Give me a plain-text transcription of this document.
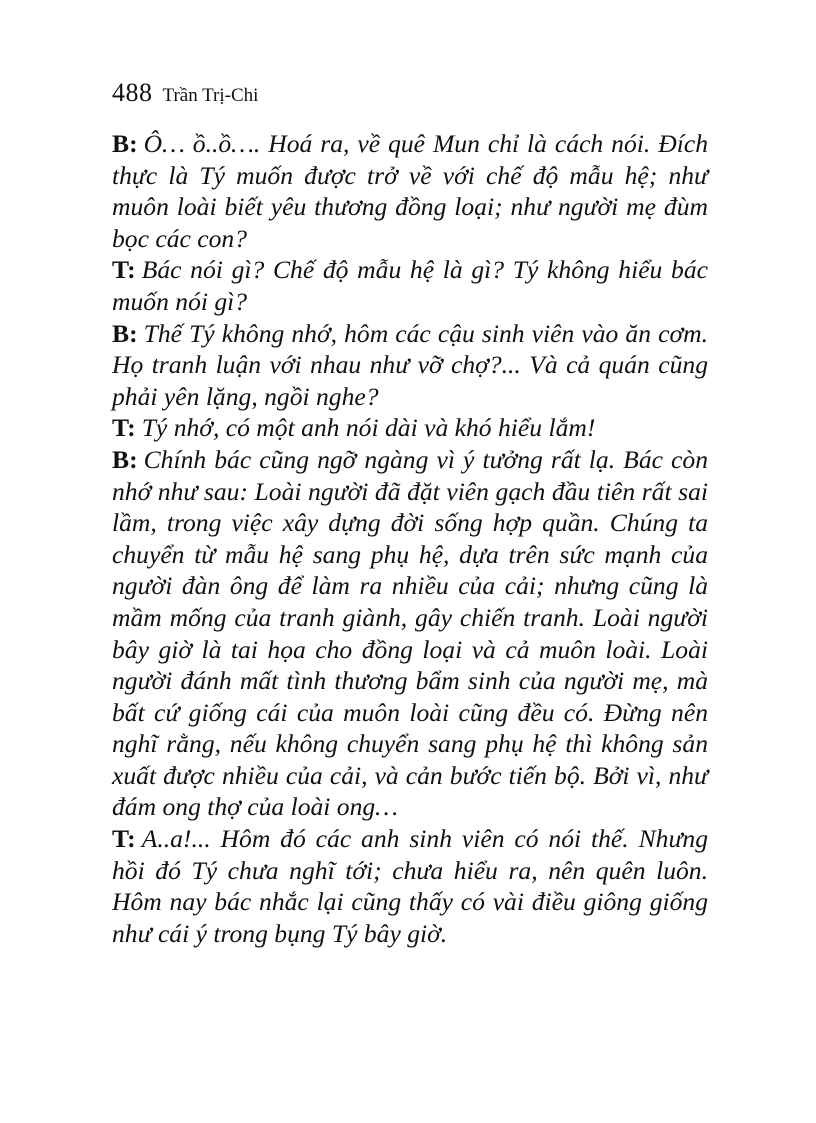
488 Trần Trị-Chi

B: Ô… ồ..ồ…. Hoá ra, về quê Mun chỉ là cách nói. Đích thực là Tý muốn được trở về với chế độ mẫu hệ; như muôn loài biết yêu thương đồng loại; như người mẹ đùm bọc các con?

T: Bác nói gì? Chế độ mẫu hệ là gì? Tý không hiểu bác muốn nói gì?

B: Thế Tý không nhớ, hôm các cậu sinh viên vào ăn cơm. Họ tranh luận với nhau như vỡ chợ?... Và cả quán cũng phải yên lặng, ngồi nghe?

T: Tý nhớ, có một anh nói dài và khó hiểu lắm!

B: Chính bác cũng ngỡ ngàng vì ý tưởng rất lạ. Bác còn nhớ như sau: Loài người đã đặt viên gạch đầu tiên rất sai lầm, trong việc xây dựng đời sống hợp quần. Chúng ta chuyển từ mẫu hệ sang phụ hệ, dựa trên sức mạnh của người đàn ông để làm ra nhiều của cải; nhưng cũng là mầm mống của tranh giành, gây chiến tranh. Loài người bây giờ là tai họa cho đồng loại và cả muôn loài. Loài người đánh mất tình thương bẩm sinh của người mẹ, mà bất cứ giống cái của muôn loài cũng đều có. Đừng nên nghĩ rằng, nếu không chuyển sang phụ hệ thì không sản xuất được nhiều của cải, và cản bước tiến bộ. Bởi vì, như đám ong thợ của loài ong…

T: A..a!... Hôm đó các anh sinh viên có nói thế. Nhưng hồi đó Tý chưa nghĩ tới; chưa hiểu ra, nên quên luôn. Hôm nay bác nhắc lại cũng thấy có vài điều giông giống như cái ý trong bụng Tý bây giờ.
